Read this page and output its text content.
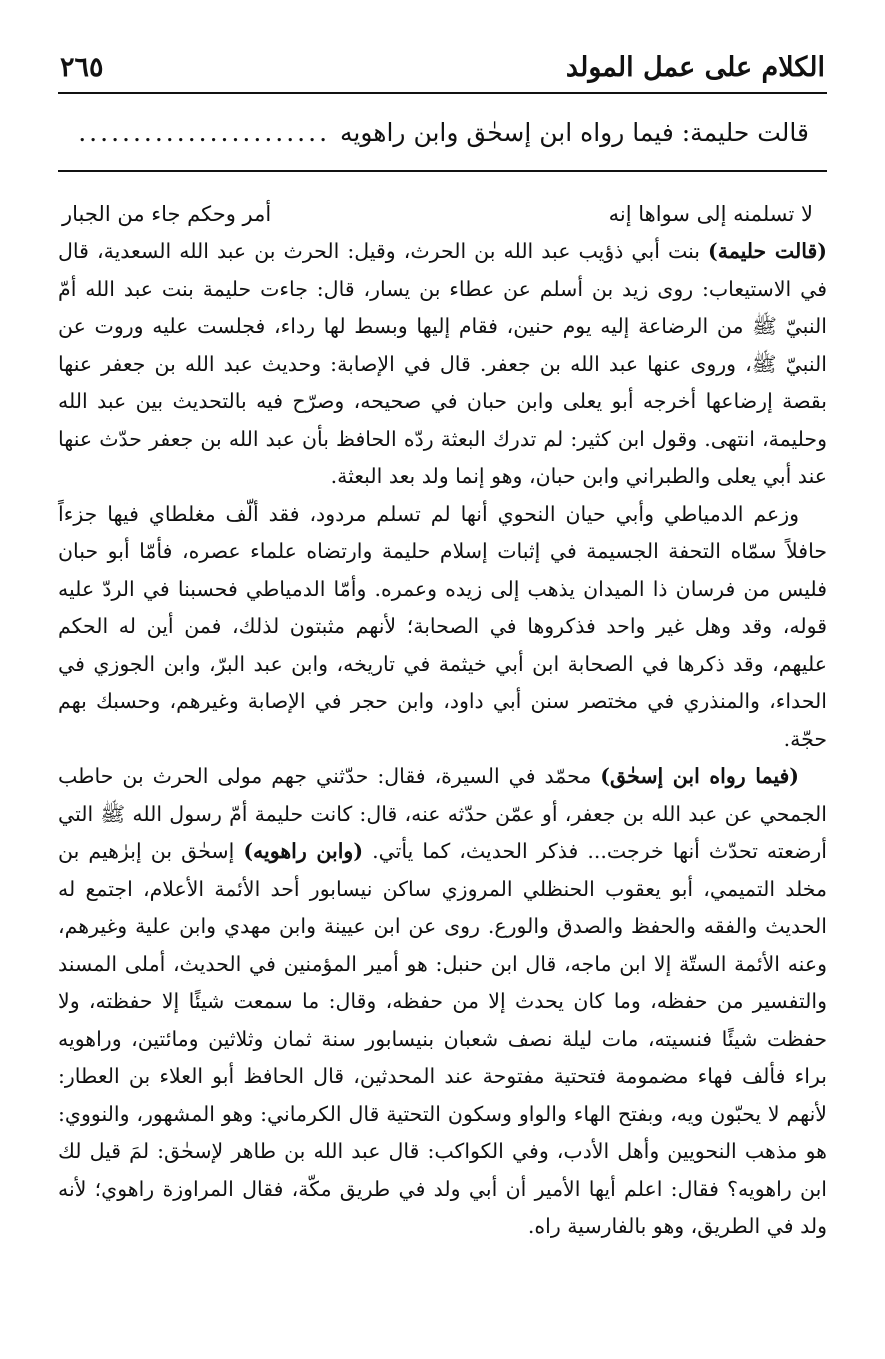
الكلام على عمل المولد
٢٦٥
قالت حليمة: فيما رواه ابن إسحٰق وابن راهويه
.......................
لا تسلمنه إلى سواها إنه
أمر وحكم جاء من الجبار

(قالت حليمة) بنت أبي ذؤيب عبد الله بن الحرث، وقيل: الحرث بن عبد الله السعدية، قال في الاستيعاب: روى زيد بن أسلم عن عطاء بن يسار، قال: جاءت حليمة بنت عبد الله أمّ النبيّ ﷺ من الرضاعة إليه يوم حنين، فقام إليها وبسط لها رداء، فجلست عليه وروت عن النبيّ ﷺ، وروى عنها عبد الله بن جعفر. قال في الإصابة: وحديث عبد الله بن جعفر عنها بقصة إرضاعها أخرجه أبو يعلى وابن حبان في صحيحه، وصرّح فيه بالتحديث بين عبد الله وحليمة، انتهى. وقول ابن كثير: لم تدرك البعثة ردّه الحافظ بأن عبد الله بن جعفر حدّث عنها عند أبي يعلى والطبراني وابن حبان، وهو إنما ولد بعد البعثة.

وزعم الدمياطي وأبي حيان النحوي أنها لم تسلم مردود، فقد ألّف مغلطاي فيها جزءاً حافلاً سمّاه التحفة الجسيمة في إثبات إسلام حليمة وارتضاه علماء عصره، فأمّا أبو حبان فليس من فرسان ذا الميدان يذهب إلى زيده وعمره. وأمّا الدمياطي فحسبنا في الردّ عليه قوله، وقد وهل غير واحد فذكروها في الصحابة؛ لأنهم مثبتون لذلك، فمن أين له الحكم عليهم، وقد ذكرها في الصحابة ابن أبي خيثمة في تاريخه، وابن عبد البرّ، وابن الجوزي في الحداء، والمنذري في مختصر سنن أبي داود، وابن حجر في الإصابة وغيرهم، وحسبك بهم حجّة.

(فيما رواه ابن إسحٰق) محمّد في السيرة، فقال: حدّثني جهم مولى الحرث بن حاطب الجمحي عن عبد الله بن جعفر، أو عمّن حدّثه عنه، قال: كانت حليمة أمّ رسول الله ﷺ التي أرضعته تحدّث أنها خرجت... فذكر الحديث، كما يأتي. (وابن راهويه) إسحٰق بن إبرٰهيم بن مخلد التميمي، أبو يعقوب الحنظلي المروزي ساكن نيسابور أحد الأئمة الأعلام، اجتمع له الحديث والفقه والحفظ والصدق والورع. روى عن ابن عيينة وابن مهدي وابن علية وغيرهم، وعنه الأئمة الستّة إلا ابن ماجه، قال ابن حنبل: هو أمير المؤمنين في الحديث، أملى المسند والتفسير من حفظه، وما كان يحدث إلا من حفظه، وقال: ما سمعت شيئًا إلا حفظته، ولا حفظت شيئًا فنسيته، مات ليلة نصف شعبان بنيسابور سنة ثمان وثلاثين ومائتين، وراهويه براء فألف فهاء مضمومة فتحتية مفتوحة عند المحدثين، قال الحافظ أبو العلاء بن العطار: لأنهم لا يحبّون ويه، وبفتح الهاء والواو وسكون التحتية قال الكرماني: وهو المشهور، والنووي: هو مذهب النحويين وأهل الأدب، وفي الكواكب: قال عبد الله بن طاهر لإسحٰق: لمَ قيل لك ابن راهويه؟ فقال: اعلم أيها الأمير أن أبي ولد في طريق مكّة، فقال المراوزة راهوي؛ لأنه ولد في الطريق، وهو بالفارسية راه.
